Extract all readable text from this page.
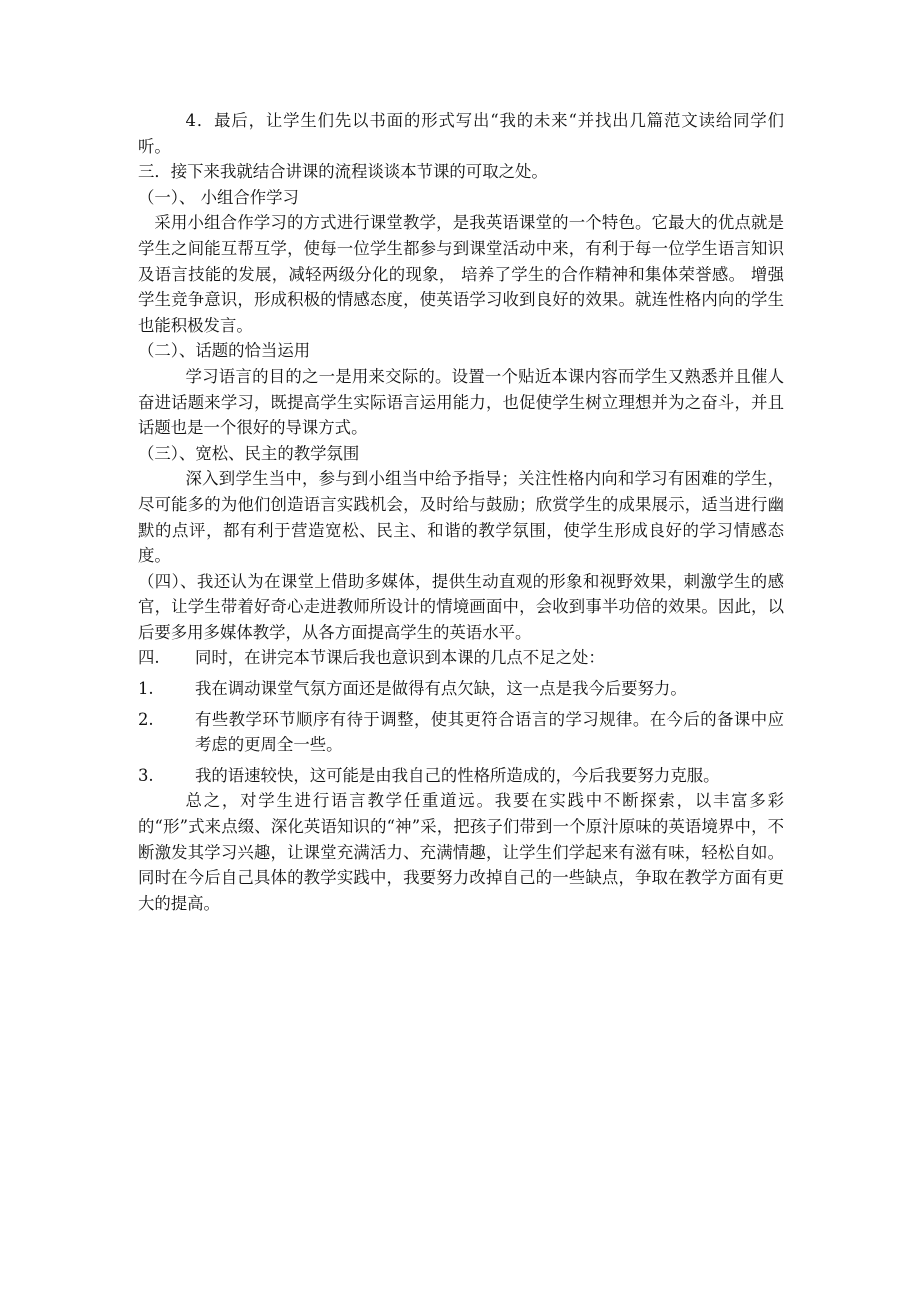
4．最后，让学生们先以书面的形式写出“我的未来“并找出几篇范文读给同学们听。

三．接下来我就结合讲课的流程谈谈本节课的可取之处。

（一）、 小组合作学习

采用小组合作学习的方式进行课堂教学，是我英语课堂的一个特色。它最大的优点就是学生之间能互帮互学，使每一位学生都参与到课堂活动中来，有利于每一位学生语言知识及语言技能的发展，减轻两级分化的现象， 培养了学生的合作精神和集体荣誉感。 增强学生竞争意识，形成积极的情感态度，使英语学习收到良好的效果。就连性格内向的学生也能积极发言。

（二）、话题的恰当运用

学习语言的目的之一是用来交际的。设置一个贴近本课内容而学生又熟悉并且催人奋进话题来学习，既提高学生实际语言运用能力，也促使学生树立理想并为之奋斗，并且话题也是一个很好的导课方式。

（三）、宽松、民主的教学氛围

深入到学生当中，参与到小组当中给予指导；关注性格内向和学习有困难的学生，尽可能多的为他们创造语言实践机会，及时给与鼓励；欣赏学生的成果展示，适当进行幽默的点评，都有利于营造宽松、民主、和谐的教学氛围，使学生形成良好的学习情感态度。

（四）、我还认为在课堂上借助多媒体，提供生动直观的形象和视野效果，刺激学生的感官，让学生带着好奇心走进教师所设计的情境画面中，会收到事半功倍的效果。因此，以后要多用多媒体教学，从各方面提高学生的英语水平。

四.	同时，在讲完本节课后我也意识到本课的几点不足之处：
1.	我在调动课堂气氛方面还是做得有点欠缺，这一点是我今后要努力。
2.	有些教学环节顺序有待于调整，使其更符合语言的学习规律。在今后的备课中应考虑的更周全一些。
3.	我的语速较快，这可能是由我自己的性格所造成的，今后我要努力克服。

总之，对学生进行语言教学任重道远。我要在实践中不断探索，以丰富多彩的“形”式来点缀、深化英语知识的“神”采，把孩子们带到一个原汁原味的英语境界中，不断激发其学习兴趣，让课堂充满活力、充满情趣，让学生们学起来有滋有味，轻松自如。同时在今后自己具体的教学实践中，我要努力改掉自己的一些缺点，争取在教学方面有更大的提高。
